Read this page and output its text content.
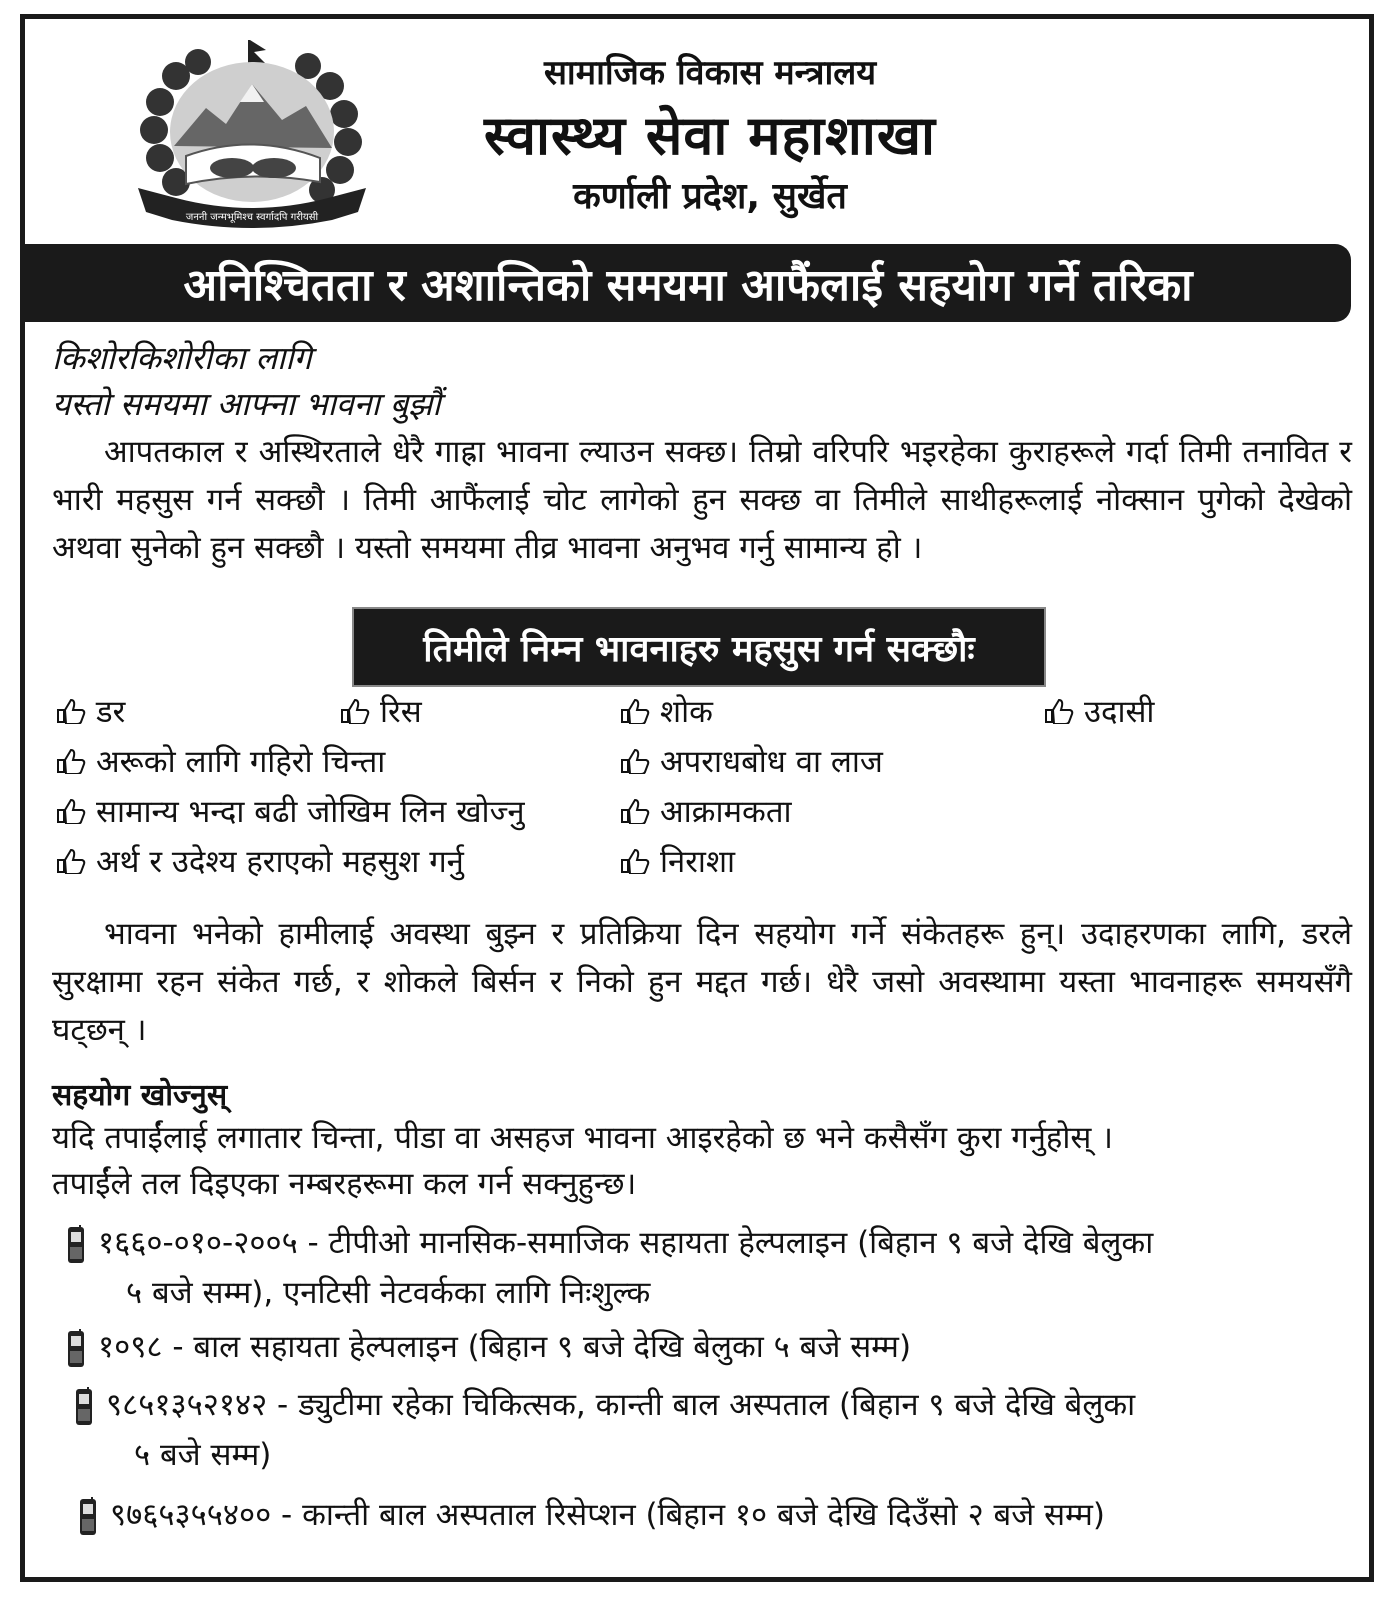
जननी जन्मभूमिश्च स्वर्गादपि गरीयसी
सामाजिक विकास मन्त्रालय
स्वास्थ्य सेवा महाशाखा
कर्णाली प्रदेश, सुर्खेत
अनिश्चितता र अशान्तिको समयमा आफैंलाई सहयोग गर्ने तरिका
किशोरकिशोरीका लागि
यस्तो समयमा आफ्ना भावना बुझौं

आपतकाल र अस्थिरताले धेरै गाह्रा भावना ल्याउन सक्छ। तिम्रो वरिपरि भइरहेका कुराहरूले गर्दा तिमी तनावित र भारी महसुस गर्न सक्छौ । तिमी आफैंलाई चोट लागेको हुन सक्छ वा तिमीले साथीहरूलाई नोक्सान पुगेको देखेको अथवा सुनेको हुन सक्छौ । यस्तो समयमा तीव्र भावना अनुभव गर्नु सामान्य हो ।

तिमीले निम्न भावनाहरु महसुस गर्न सक्छौः
डर	रिस	शोक	उदासी
अरूको लागि गहिरो चिन्ता	अपराधबोध वा लाज
सामान्य भन्दा बढी जोखिम लिन खोज्नु	आक्रामकता
अर्थ र उदेश्य हराएको महसुश गर्नु	निराशा

भावना भनेको हामीलाई अवस्था बुझ्न र प्रतिक्रिया दिन सहयोग गर्ने संकेतहरू हुन्। उदाहरणका लागि, डरले सुरक्षामा रहन संकेत गर्छ, र शोकले बिर्सन र निको हुन मद्दत गर्छ। धेरै जसो अवस्थामा यस्ता भावनाहरू समयसँगै घट्छन् ।

सहयोग खोज्नुस्
यदि तपाईंलाई लगातार चिन्ता, पीडा वा असहज भावना आइरहेको छ भने कसैसँग कुरा गर्नुहोस् ।
तपाईंले तल दिइएका नम्बरहरूमा कल गर्न सक्नुहुन्छ।
१६६०-०१०-२००५ - टीपीओ मानसिक-समाजिक सहायता हेल्पलाइन (बिहान ९ बजे देखि बेलुका
५ बजे सम्म), एनटिसी नेटवर्कका लागि निःशुल्क
१०९८ - बाल सहायता हेल्पलाइन (बिहान ९ बजे देखि बेलुका ५ बजे सम्म)
९८५१३५२१४२ - ड्युटीमा रहेका चिकित्सक, कान्ती बाल अस्पताल (बिहान ९ बजे देखि बेलुका
५ बजे सम्म)
९७६५३५५४०० - कान्ती बाल अस्पताल रिसेप्शन (बिहान १० बजे देखि दिउँसो २ बजे सम्म)
